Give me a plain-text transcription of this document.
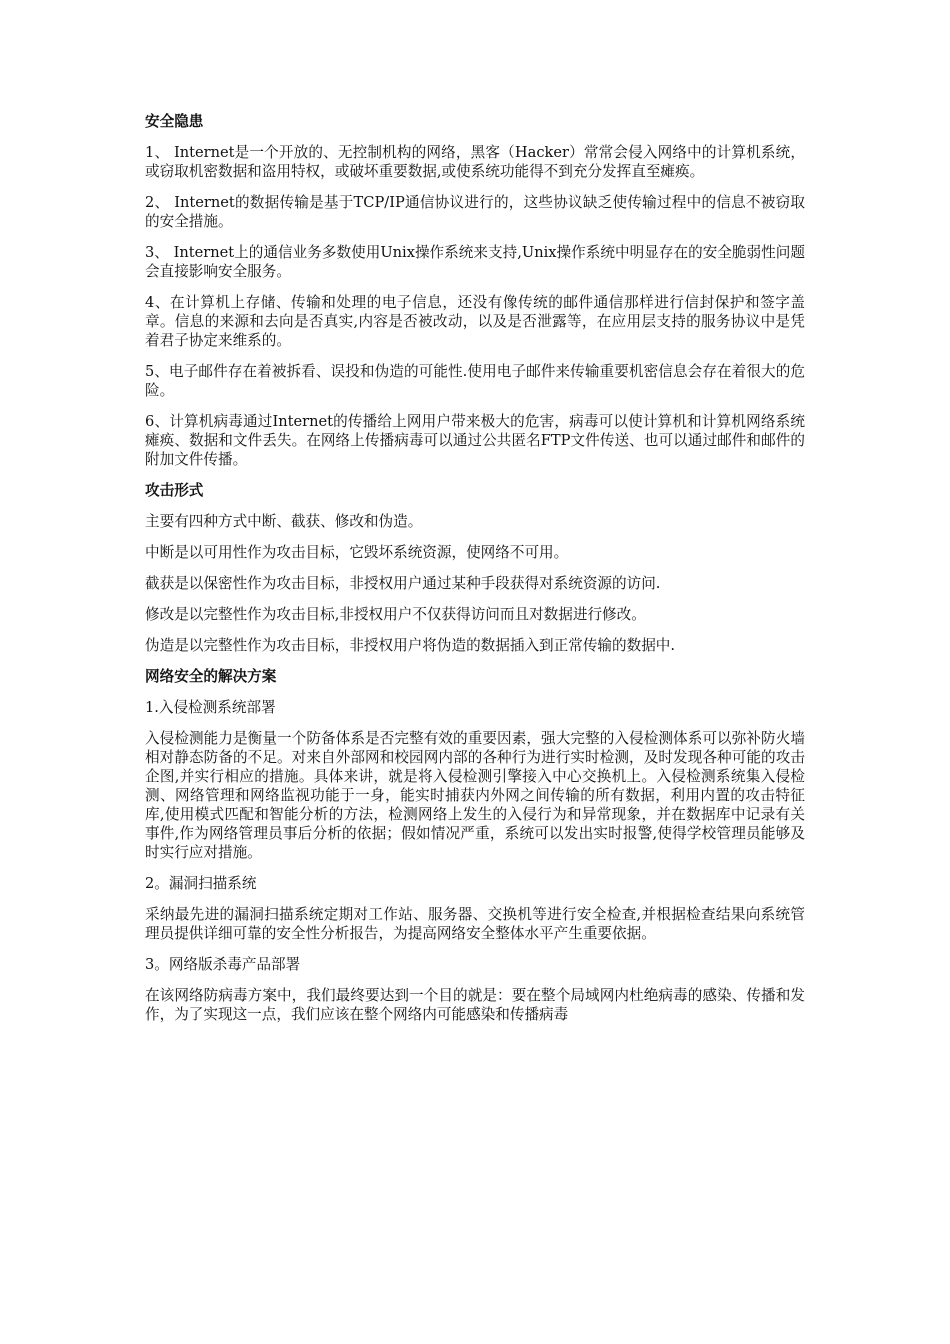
安全隐患

1、 Internet是一个开放的、无控制机构的网络，黑客（Hacker）常常会侵入网络中的计算机系统，或窃取机密数据和盗用特权，或破坏重要数据,或使系统功能得不到充分发挥直至瘫痪。

2、 Internet的数据传输是基于TCP/IP通信协议进行的，这些协议缺乏使传输过程中的信息不被窃取的安全措施。

3、 Internet上的通信业务多数使用Unix操作系统来支持,Unix操作系统中明显存在的安全脆弱性问题会直接影响安全服务。

4、在计算机上存储、传输和处理的电子信息，还没有像传统的邮件通信那样进行信封保护和签字盖章。信息的来源和去向是否真实,内容是否被改动，以及是否泄露等，在应用层支持的服务协议中是凭着君子协定来维系的。

5、电子邮件存在着被拆看、误投和伪造的可能性.使用电子邮件来传输重要机密信息会存在着很大的危险。

6、计算机病毒通过Internet的传播给上网用户带来极大的危害，病毒可以使计算机和计算机网络系统瘫痪、数据和文件丢失。在网络上传播病毒可以通过公共匿名FTP文件传送、也可以通过邮件和邮件的附加文件传播。

攻击形式

主要有四种方式中断、截获、修改和伪造。

中断是以可用性作为攻击目标，它毁坏系统资源，使网络不可用。

截获是以保密性作为攻击目标，非授权用户通过某种手段获得对系统资源的访问.

修改是以完整性作为攻击目标,非授权用户不仅获得访问而且对数据进行修改。

伪造是以完整性作为攻击目标，非授权用户将伪造的数据插入到正常传输的数据中.

网络安全的解决方案

1.入侵检测系统部署

入侵检测能力是衡量一个防备体系是否完整有效的重要因素，强大完整的入侵检测体系可以弥补防火墙相对静态防备的不足。对来自外部网和校园网内部的各种行为进行实时检测，及时发现各种可能的攻击企图,并实行相应的措施。具体来讲，就是将入侵检测引擎接入中心交换机上。入侵检测系统集入侵检测、网络管理和网络监视功能于一身，能实时捕获内外网之间传输的所有数据，利用内置的攻击特征库,使用模式匹配和智能分析的方法，检测网络上发生的入侵行为和异常现象，并在数据库中记录有关事件,作为网络管理员事后分析的依据；假如情况严重，系统可以发出实时报警,使得学校管理员能够及时实行应对措施。

2。漏洞扫描系统

采纳最先进的漏洞扫描系统定期对工作站、服务器、交换机等进行安全检查,并根据检查结果向系统管理员提供详细可靠的安全性分析报告，为提高网络安全整体水平产生重要依据。

3。网络版杀毒产品部署

在该网络防病毒方案中，我们最终要达到一个目的就是：要在整个局域网内杜绝病毒的感染、传播和发作，为了实现这一点，我们应该在整个网络内可能感染和传播病毒
